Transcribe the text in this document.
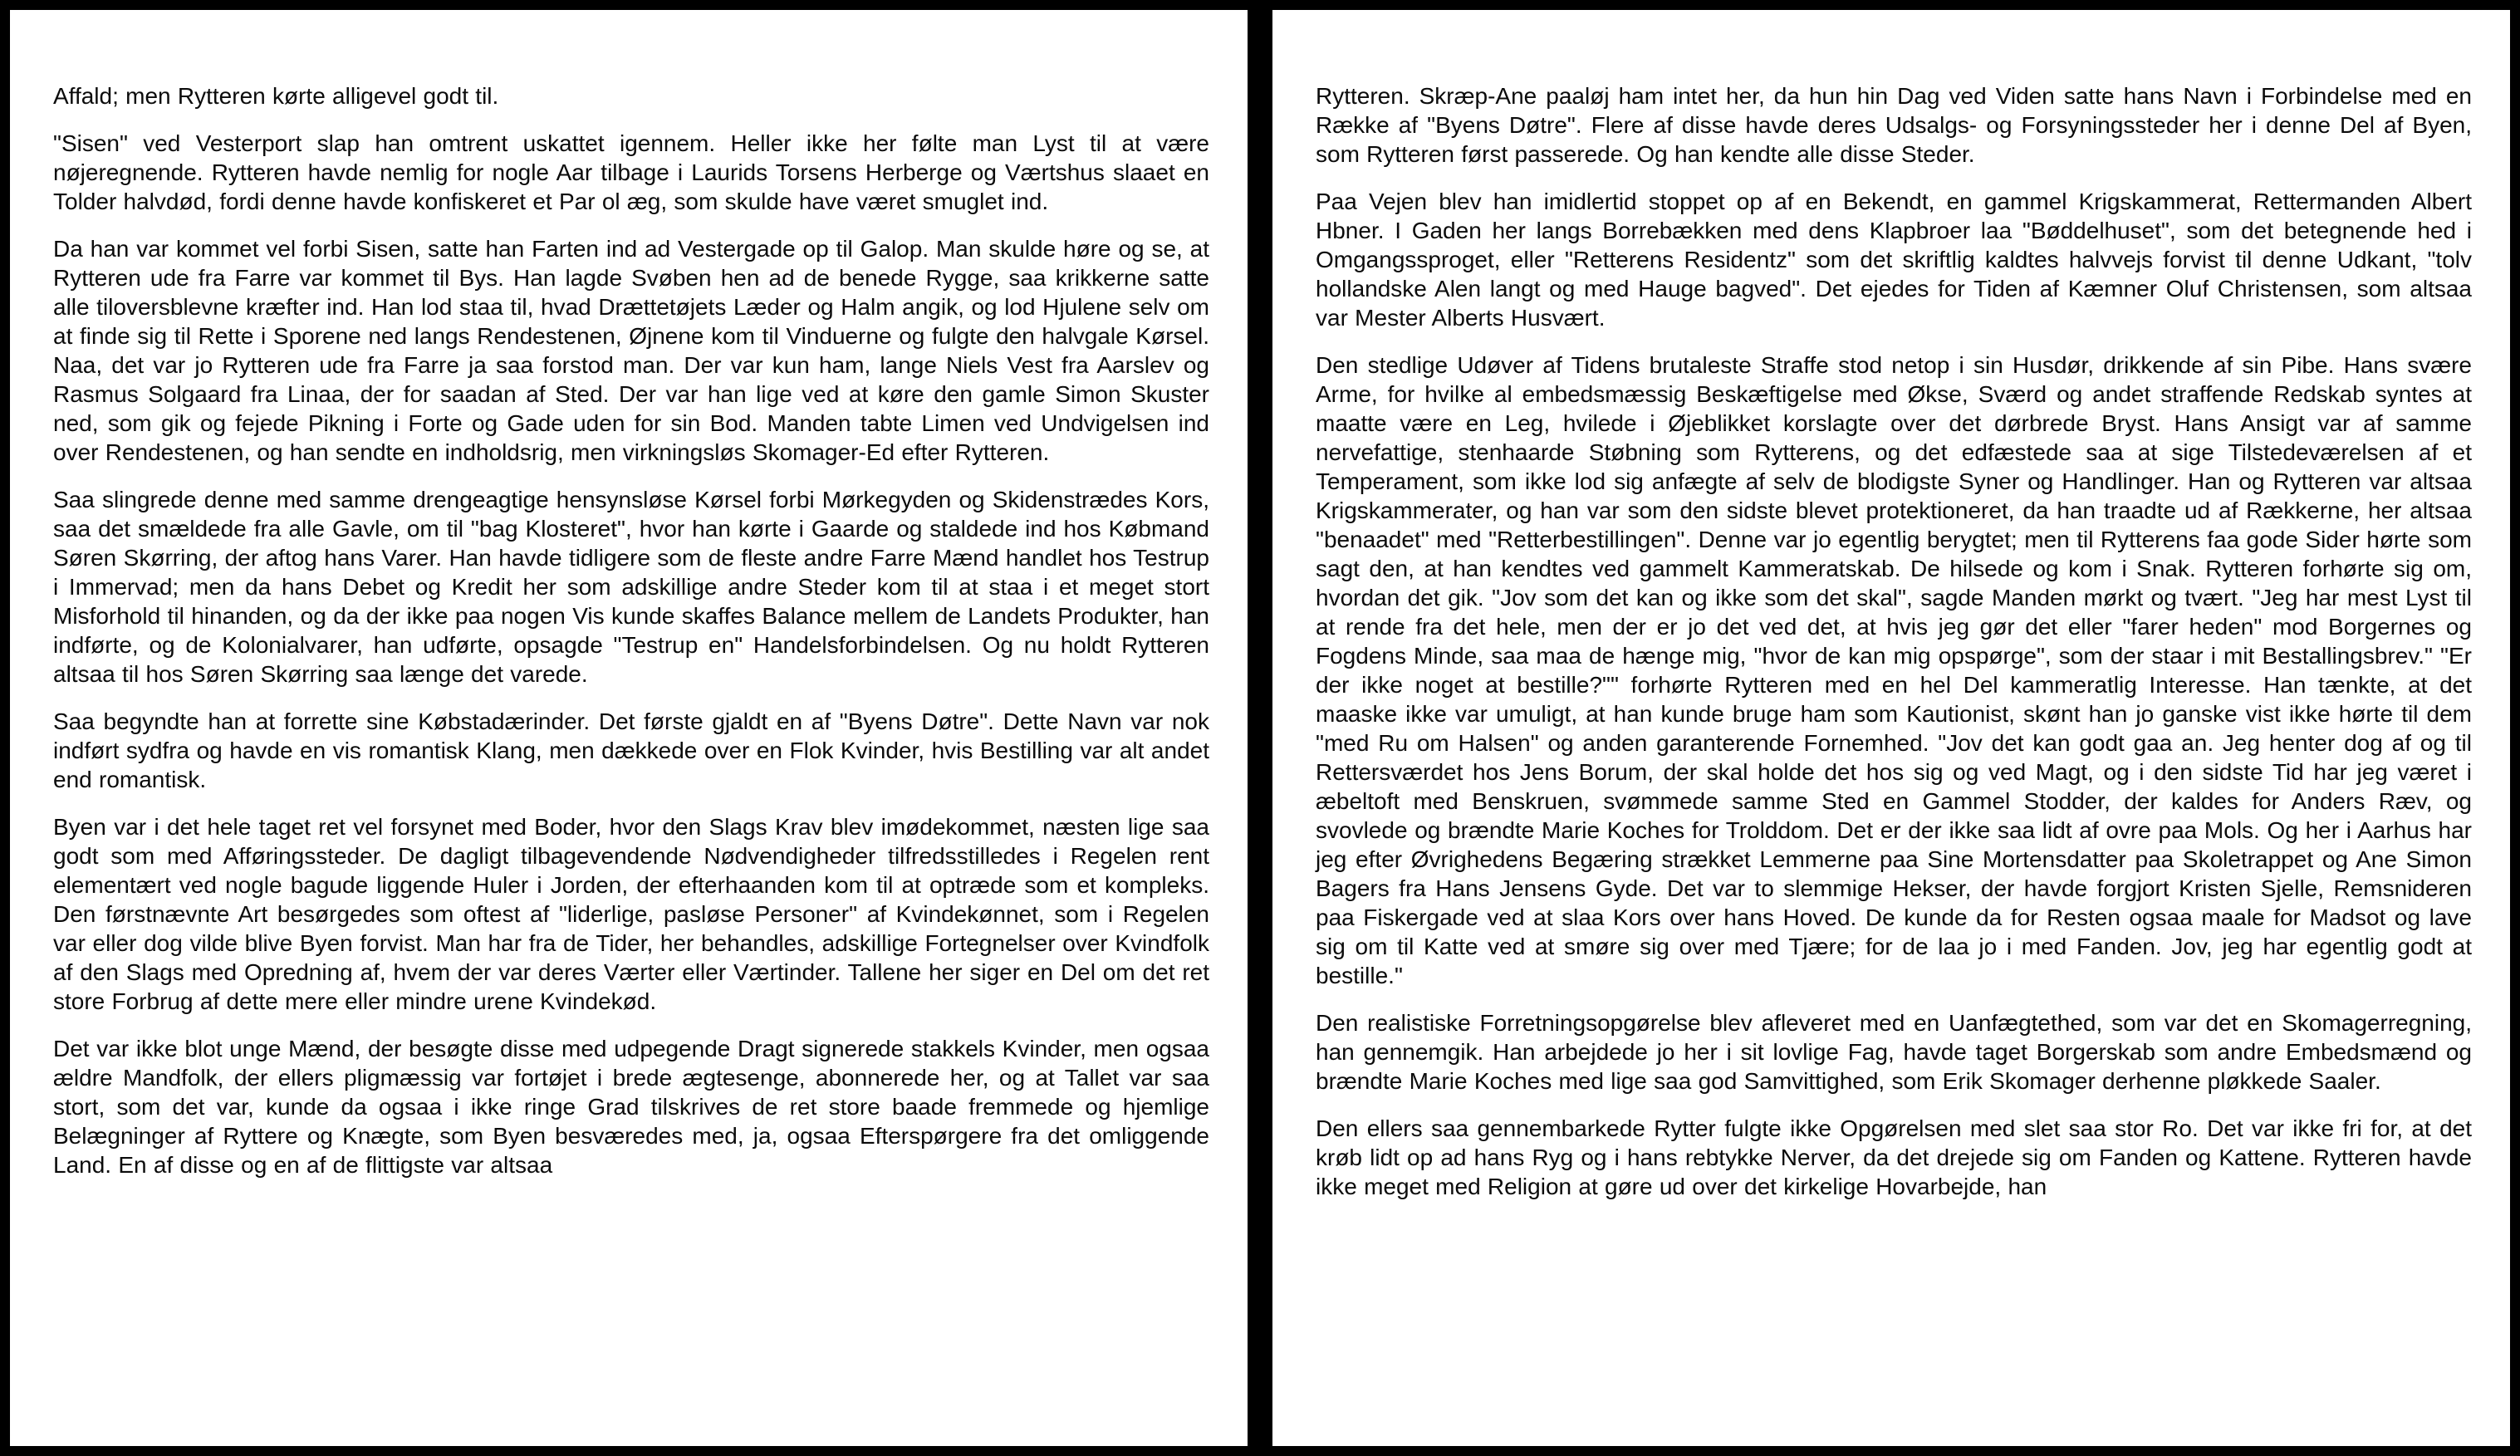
Affald; men Rytteren kørte alligevel godt til.

"Sisen" ved Vesterport slap han omtrent uskattet igennem. Heller ikke her følte man Lyst til at være nøjeregnende. Rytteren havde nemlig for nogle Aar tilbage i Laurids Torsens Herberge og Værtshus slaaet en Tolder halvdød, fordi denne havde konfiskeret et Par ol æg, som skulde have været smuglet ind.

Da han var kommet vel forbi Sisen, satte han Farten ind ad Vestergade op til Galop. Man skulde høre og se, at Rytteren ude fra Farre var kommet til Bys. Han lagde Svøben hen ad de benede Rygge, saa krikkerne satte alle tiloversblevne kræfter ind. Han lod staa til, hvad Drættetøjets Læder og Halm angik, og lod Hjulene selv om at finde sig til Rette i Sporene ned langs Rendestenen, Øjnene kom til Vinduerne og fulgte den halvgale Kørsel. Naa, det var jo Rytteren ude fra Farre ja saa forstod man. Der var kun ham, lange Niels Vest fra Aarslev og Rasmus Solgaard fra Linaa, der for saadan af Sted. Der var han lige ved at køre den gamle Simon Skuster ned, som gik og fejede Pikning i Forte og Gade uden for sin Bod. Manden tabte Limen ved Undvigelsen ind over Rendestenen, og han sendte en indholdsrig, men virkningsløs Skomager-Ed efter Rytteren.

Saa slingrede denne med samme drengeagtige hensynsløse Kørsel forbi Mørkegyden og Skidenstrædes Kors, saa det smældede fra alle Gavle, om til "bag Klosteret", hvor han kørte i Gaarde og staldede ind hos Købmand Søren Skørring, der aftog hans Varer. Han havde tidligere som de fleste andre Farre Mænd handlet hos Testrup i Immervad; men da hans Debet og Kredit her som adskillige andre Steder kom til at staa i et meget stort Misforhold til hinanden, og da der ikke paa nogen Vis kunde skaffes Balance mellem de Landets Produkter, han indførte, og de Kolonialvarer, han udførte, opsagde "Testrup en" Handelsforbindelsen. Og nu holdt Rytteren altsaa til hos Søren Skørring saa længe det varede.

Saa begyndte han at forrette sine Købstadærinder. Det første gjaldt en af "Byens Døtre". Dette Navn var nok indført sydfra og havde en vis romantisk Klang, men dækkede over en Flok Kvinder, hvis Bestilling var alt andet end romantisk.

Byen var i det hele taget ret vel forsynet med Boder, hvor den Slags Krav blev imødekommet, næsten lige saa godt som med Afføringssteder. De dagligt tilbagevendende Nødvendigheder tilfredsstilledes i Regelen rent elementært ved nogle bagude liggende Huler i Jorden, der efterhaanden kom til at optræde som et kompleks. Den førstnævnte Art besørgedes som oftest af "liderlige, pasløse Personer" af Kvindekønnet, som i Regelen var eller dog vilde blive Byen forvist. Man har fra de Tider, her behandles, adskillige Fortegnelser over Kvindfolk af den Slags med Opredning af, hvem der var deres Værter eller Værtinder. Tallene her siger en Del om det ret store Forbrug af dette mere eller mindre urene Kvindekød.

Det var ikke blot unge Mænd, der besøgte disse med udpegende Dragt signerede stakkels Kvinder, men ogsaa ældre Mandfolk, der ellers pligmæssig var fortøjet i brede ægtesenge, abonnerede her, og at Tallet var saa stort, som det var, kunde da ogsaa i ikke ringe Grad tilskrives de ret store baade fremmede og hjemlige Belægninger af Ryttere og Knægte, som Byen besværedes med, ja, ogsaa Efterspørgere fra det omliggende Land. En af disse og en af de flittigste var altsaa

Rytteren. Skræp-Ane paaløj ham intet her, da hun hin Dag ved Viden satte hans Navn i Forbindelse med en Række af "Byens Døtre". Flere af disse havde deres Udsalgs- og Forsyningssteder her i denne Del af Byen, som Rytteren først passerede. Og han kendte alle disse Steder.

Paa Vejen blev han imidlertid stoppet op af en Bekendt, en gammel Krigskammerat, Rettermanden Albert Hbner. I Gaden her langs Borrebækken med dens Klapbroer laa "Bøddelhuset", som det betegnende hed i Omgangssproget, eller "Retterens Residentz" som det skriftlig kaldtes halvvejs forvist til denne Udkant, "tolv hollandske Alen langt og med Hauge bagved". Det ejedes for Tiden af Kæmner Oluf Christensen, som altsaa var Mester Alberts Husvært.

Den stedlige Udøver af Tidens brutaleste Straffe stod netop i sin Husdør, drikkende af sin Pibe. Hans svære Arme, for hvilke al embedsmæssig Beskæftigelse med Økse, Sværd og andet straffende Redskab syntes at maatte være en Leg, hvilede i Øjeblikket korslagte over det dørbrede Bryst. Hans Ansigt var af samme nervefattige, stenhaarde Støbning som Rytterens, og det edfæstede saa at sige Tilstedeværelsen af et Temperament, som ikke lod sig anfægte af selv de blodigste Syner og Handlinger. Han og Rytteren var altsaa Krigskammerater, og han var som den sidste blevet protektioneret, da han traadte ud af Rækkerne, her altsaa "benaadet" med "Retterbestillingen". Denne var jo egentlig berygtet; men til Rytterens faa gode Sider hørte som sagt den, at han kendtes ved gammelt Kammeratskab. De hilsede og kom i Snak. Rytteren forhørte sig om, hvordan det gik. "Jov som det kan og ikke som det skal", sagde Manden mørkt og tvært. "Jeg har mest Lyst til at rende fra det hele, men der er jo det ved det, at hvis jeg gør det eller "farer heden" mod Borgernes og Fogdens Minde, saa maa de hænge mig, "hvor de kan mig opspørge", som der staar i mit Bestallingsbrev." "Er der ikke noget at bestille?"" forhørte Rytteren med en hel Del kammeratlig Interesse. Han tænkte, at det maaske ikke var umuligt, at han kunde bruge ham som Kautionist, skønt han jo ganske vist ikke hørte til dem "med Ru om Halsen" og anden garanterende Fornemhed. "Jov det kan godt gaa an. Jeg henter dog af og til Rettersværdet hos Jens Borum, der skal holde det hos sig og ved Magt, og i den sidste Tid har jeg været i æbeltoft med Benskruen, svømmede samme Sted en Gammel Stodder, der kaldes for Anders Ræv, og svovlede og brændte Marie Koches for Trolddom. Det er der ikke saa lidt af ovre paa Mols. Og her i Aarhus har jeg efter Øvrighedens Begæring strækket Lemmerne paa Sine Mortensdatter paa Skoletrappet og Ane Simon Bagers fra Hans Jensens Gyde. Det var to slemmige Hekser, der havde forgjort Kristen Sjelle, Remsnideren paa Fiskergade ved at slaa Kors over hans Hoved. De kunde da for Resten ogsaa maale for Madsot og lave sig om til Katte ved at smøre sig over med Tjære; for de laa jo i med Fanden. Jov, jeg har egentlig godt at bestille."

Den realistiske Forretningsopgørelse blev afleveret med en Uanfægtethed, som var det en Skomagerregning, han gennemgik. Han arbejdede jo her i sit lovlige Fag, havde taget Borgerskab som andre Embedsmænd og brændte Marie Koches med lige saa god Samvittighed, som Erik Skomager derhenne pløkkede Saaler.

Den ellers saa gennembarkede Rytter fulgte ikke Opgørelsen med slet saa stor Ro. Det var ikke fri for, at det krøb lidt op ad hans Ryg og i hans rebtykke Nerver, da det drejede sig om Fanden og Kattene. Rytteren havde ikke meget med Religion at gøre ud over det kirkelige Hovarbejde, han
